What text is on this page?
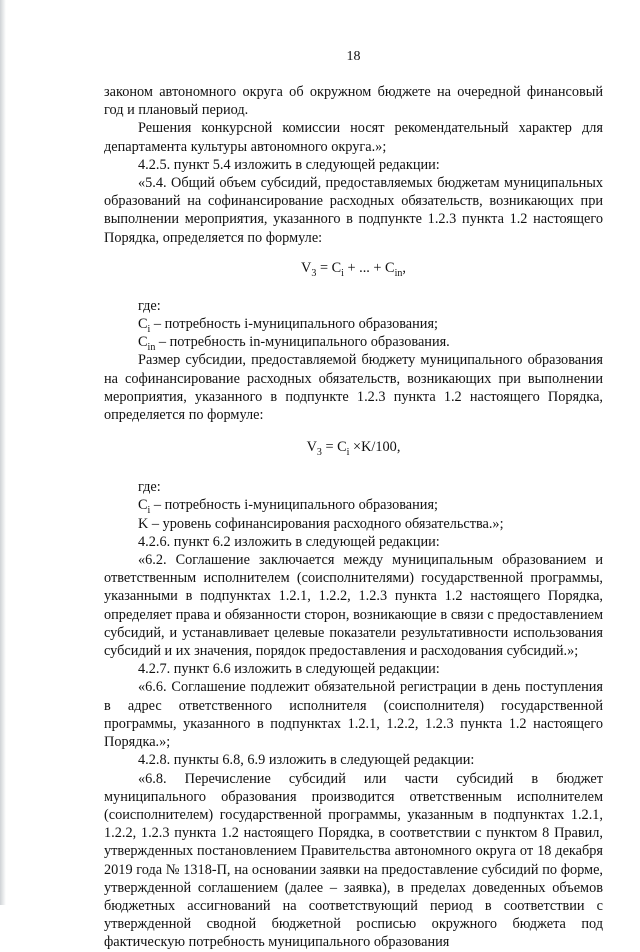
18

законом автономного округа об окружном бюджете на очередной финансовый год и плановый период.

Решения конкурсной комиссии носят рекомендательный характер для департамента культуры автономного округа.»;

4.2.5. пункт 5.4 изложить в следующей редакции:

«5.4. Общий объем субсидий, предоставляемых бюджетам муниципальных образований на софинансирование расходных обязательств, возникающих при выполнении мероприятия, указанного в подпункте 1.2.3 пункта 1.2 настоящего Порядка, определяется по формуле:

$V_3 = C_i$ + ... + $C_{in}$,

где:

$C_i$ – потребность i-муниципального образования;

$C_{in}$ – потребность in-муниципального образования.

Размер субсидии, предоставляемой бюджету муниципального образования на софинансирование расходных обязательств, возникающих при выполнении мероприятия, указанного в подпункте 1.2.3 пункта 1.2 настоящего Порядка, определяется по формуле:

$V_3 = C_i \times K/100$,

где:

$C_i$ – потребность i-муниципального образования;

K – уровень софинансирования расходного обязательства.»;

4.2.6. пункт 6.2 изложить в следующей редакции:

«6.2. Соглашение заключается между муниципальным образованием и ответственным исполнителем (соисполнителями) государственной программы, указанными в подпунктах 1.2.1, 1.2.2, 1.2.3 пункта 1.2 настоящего Порядка, определяет права и обязанности сторон, возникающие в связи с предоставлением субсидий, и устанавливает целевые показатели результативности использования субсидий и их значения, порядок предоставления и расходования субсидий.»;

4.2.7. пункт 6.6 изложить в следующей редакции:

«6.6. Соглашение подлежит обязательной регистрации в день поступления в адрес ответственного исполнителя (соисполнителя) государственной программы, указанного в подпунктах 1.2.1, 1.2.2, 1.2.3 пункта 1.2 настоящего Порядка.»;

4.2.8. пункты 6.8, 6.9 изложить в следующей редакции:

«6.8. Перечисление субсидий или части субсидий в бюджет муниципального образования производится ответственным исполнителем (соисполнителем) государственной программы, указанным в подпунктах 1.2.1, 1.2.2, 1.2.3 пункта 1.2 настоящего Порядка, в соответствии с пунктом 8 Правил, утвержденных постановлением Правительства автономного округа от 18 декабря 2019 года № 1318-П, на основании заявки на предоставление субсидий по форме, утвержденной соглашением (далее – заявка), в пределах доведенных объемов бюджетных ассигнований на соответствующий период в соответствии с утвержденной сводной бюджетной росписью окружного бюджета под фактическую потребность муниципального образования
